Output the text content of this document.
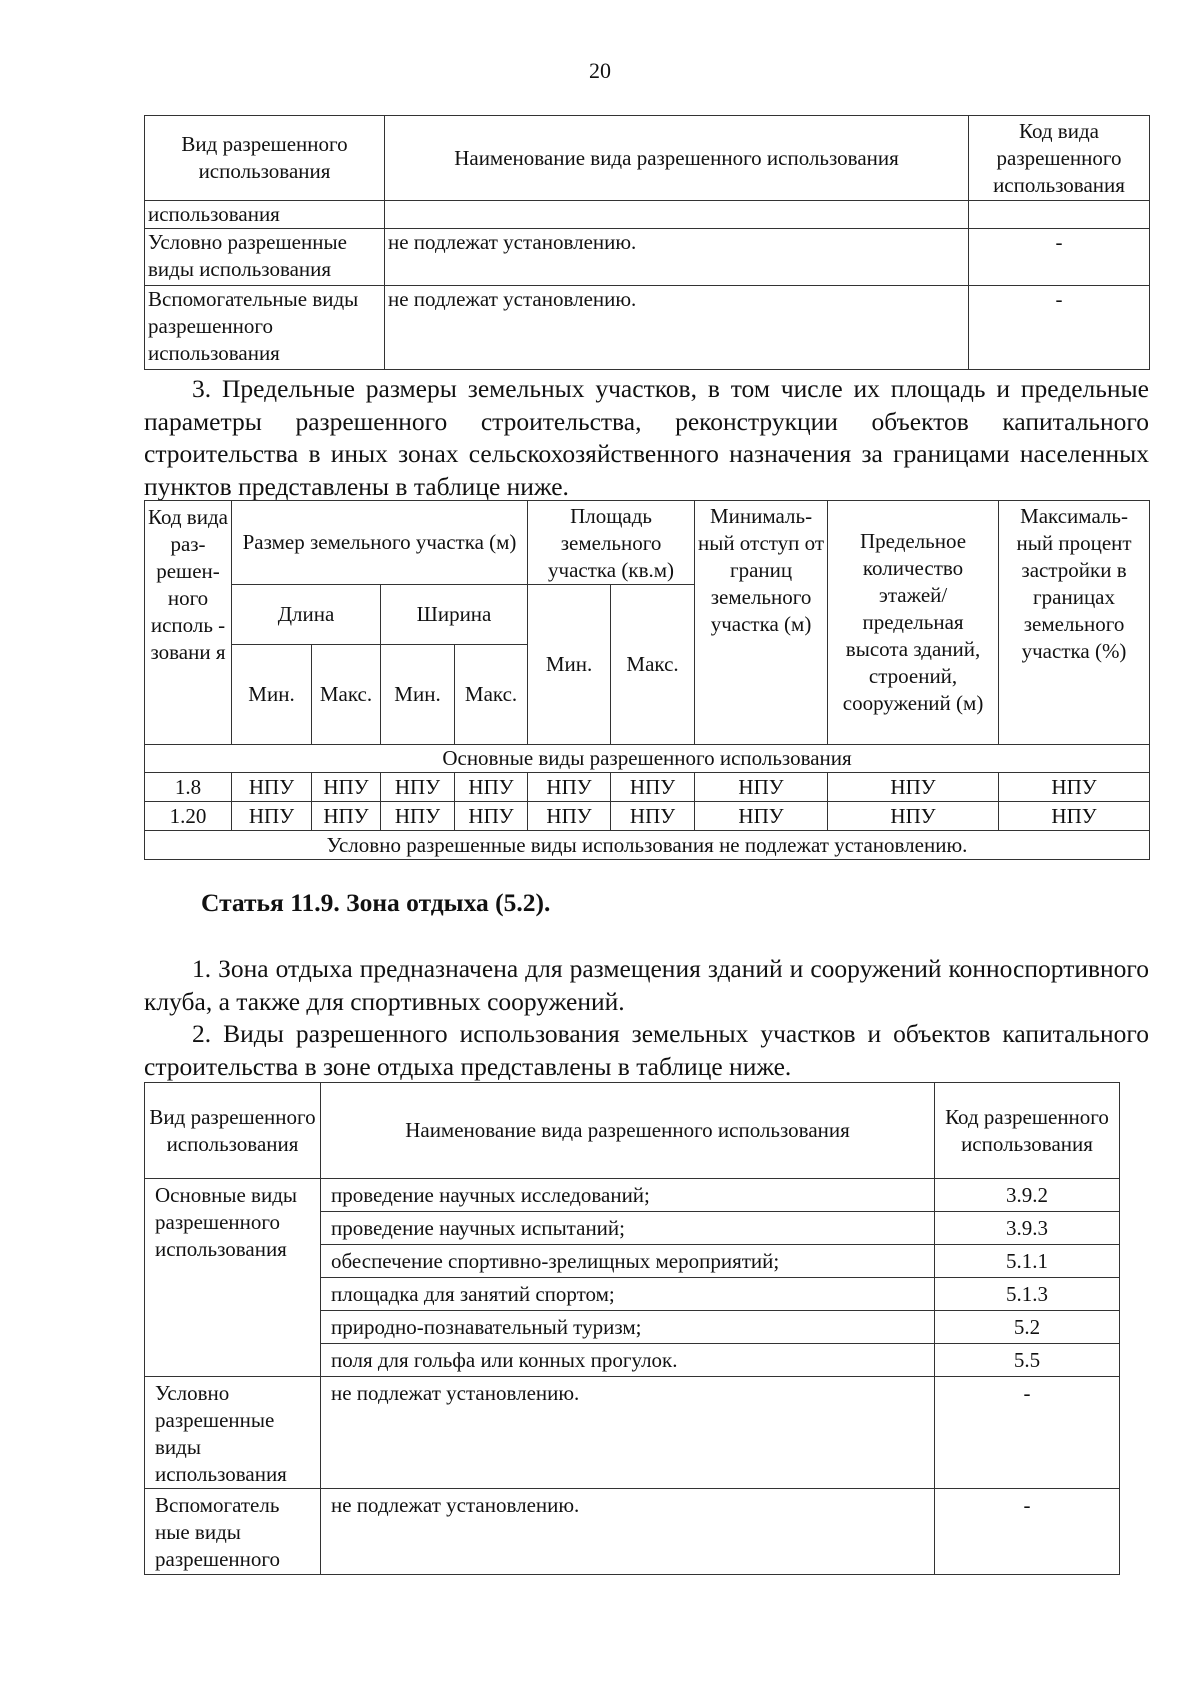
20
Вид разрешенного использования	Наименование вида разрешенного использования	Код вида разрешенного использования
использования		
Условно разрешенные виды использования	не подлежат установлению.	-
Вспомогательные виды разрешенного использования	не подлежат установлению.	-

3. Предельные размеры земельных участков, в том числе их площадь и предельные параметры разрешенного строительства, реконструкции объектов капитального строительства в иных зонах сельскохозяйственного назначения за границами населенных пунктов представлены в таблице ниже.

Код вида раз- решен- ного исполь - зовани я	Размер земельного участка (м)				Площадь земельного участка (кв.м)		Минималь- ный отступ от границ земельного участка (м)	Предельное количество этажей/ предельная высота зданий, строений, сооружений (м)	Максималь- ный процент застройки в границах земельного участка (%)
	Длина		Ширина		Мин.	Макс.			
	Мин.	Макс.	Мин.	Макс.					
Основные виды разрешенного использования									
1.8	НПУ	НПУ	НПУ	НПУ	НПУ	НПУ	НПУ	НПУ	НПУ
1.20	НПУ	НПУ	НПУ	НПУ	НПУ	НПУ	НПУ	НПУ	НПУ
Условно разрешенные виды использования не подлежат установлению.									
Статья 11.9. Зона отдыха (5.2).

1. Зона отдыха предназначена для размещения зданий и сооружений конноспортивного клуба, а также для спортивных сооружений.

2. Виды разрешенного использования земельных участков и объектов капитального строительства в зоне отдыха представлены в таблице ниже.

Вид разрешенного использования	Наименование вида разрешенного использования	Код разрешенного использования
Основные виды разрешенного использования	проведение научных исследований;	3.9.2
	проведение научных испытаний;	3.9.3
	обеспечение спортивно-зрелищных мероприятий;	5.1.1
	площадка для занятий спортом;	5.1.3
	природно-познавательный туризм;	5.2
	поля для гольфа или конных прогулок.	5.5
Условно разрешенные виды использования	не подлежат установлению.	-
Вспомогатель ные виды разрешенного	не подлежат установлению.	-
